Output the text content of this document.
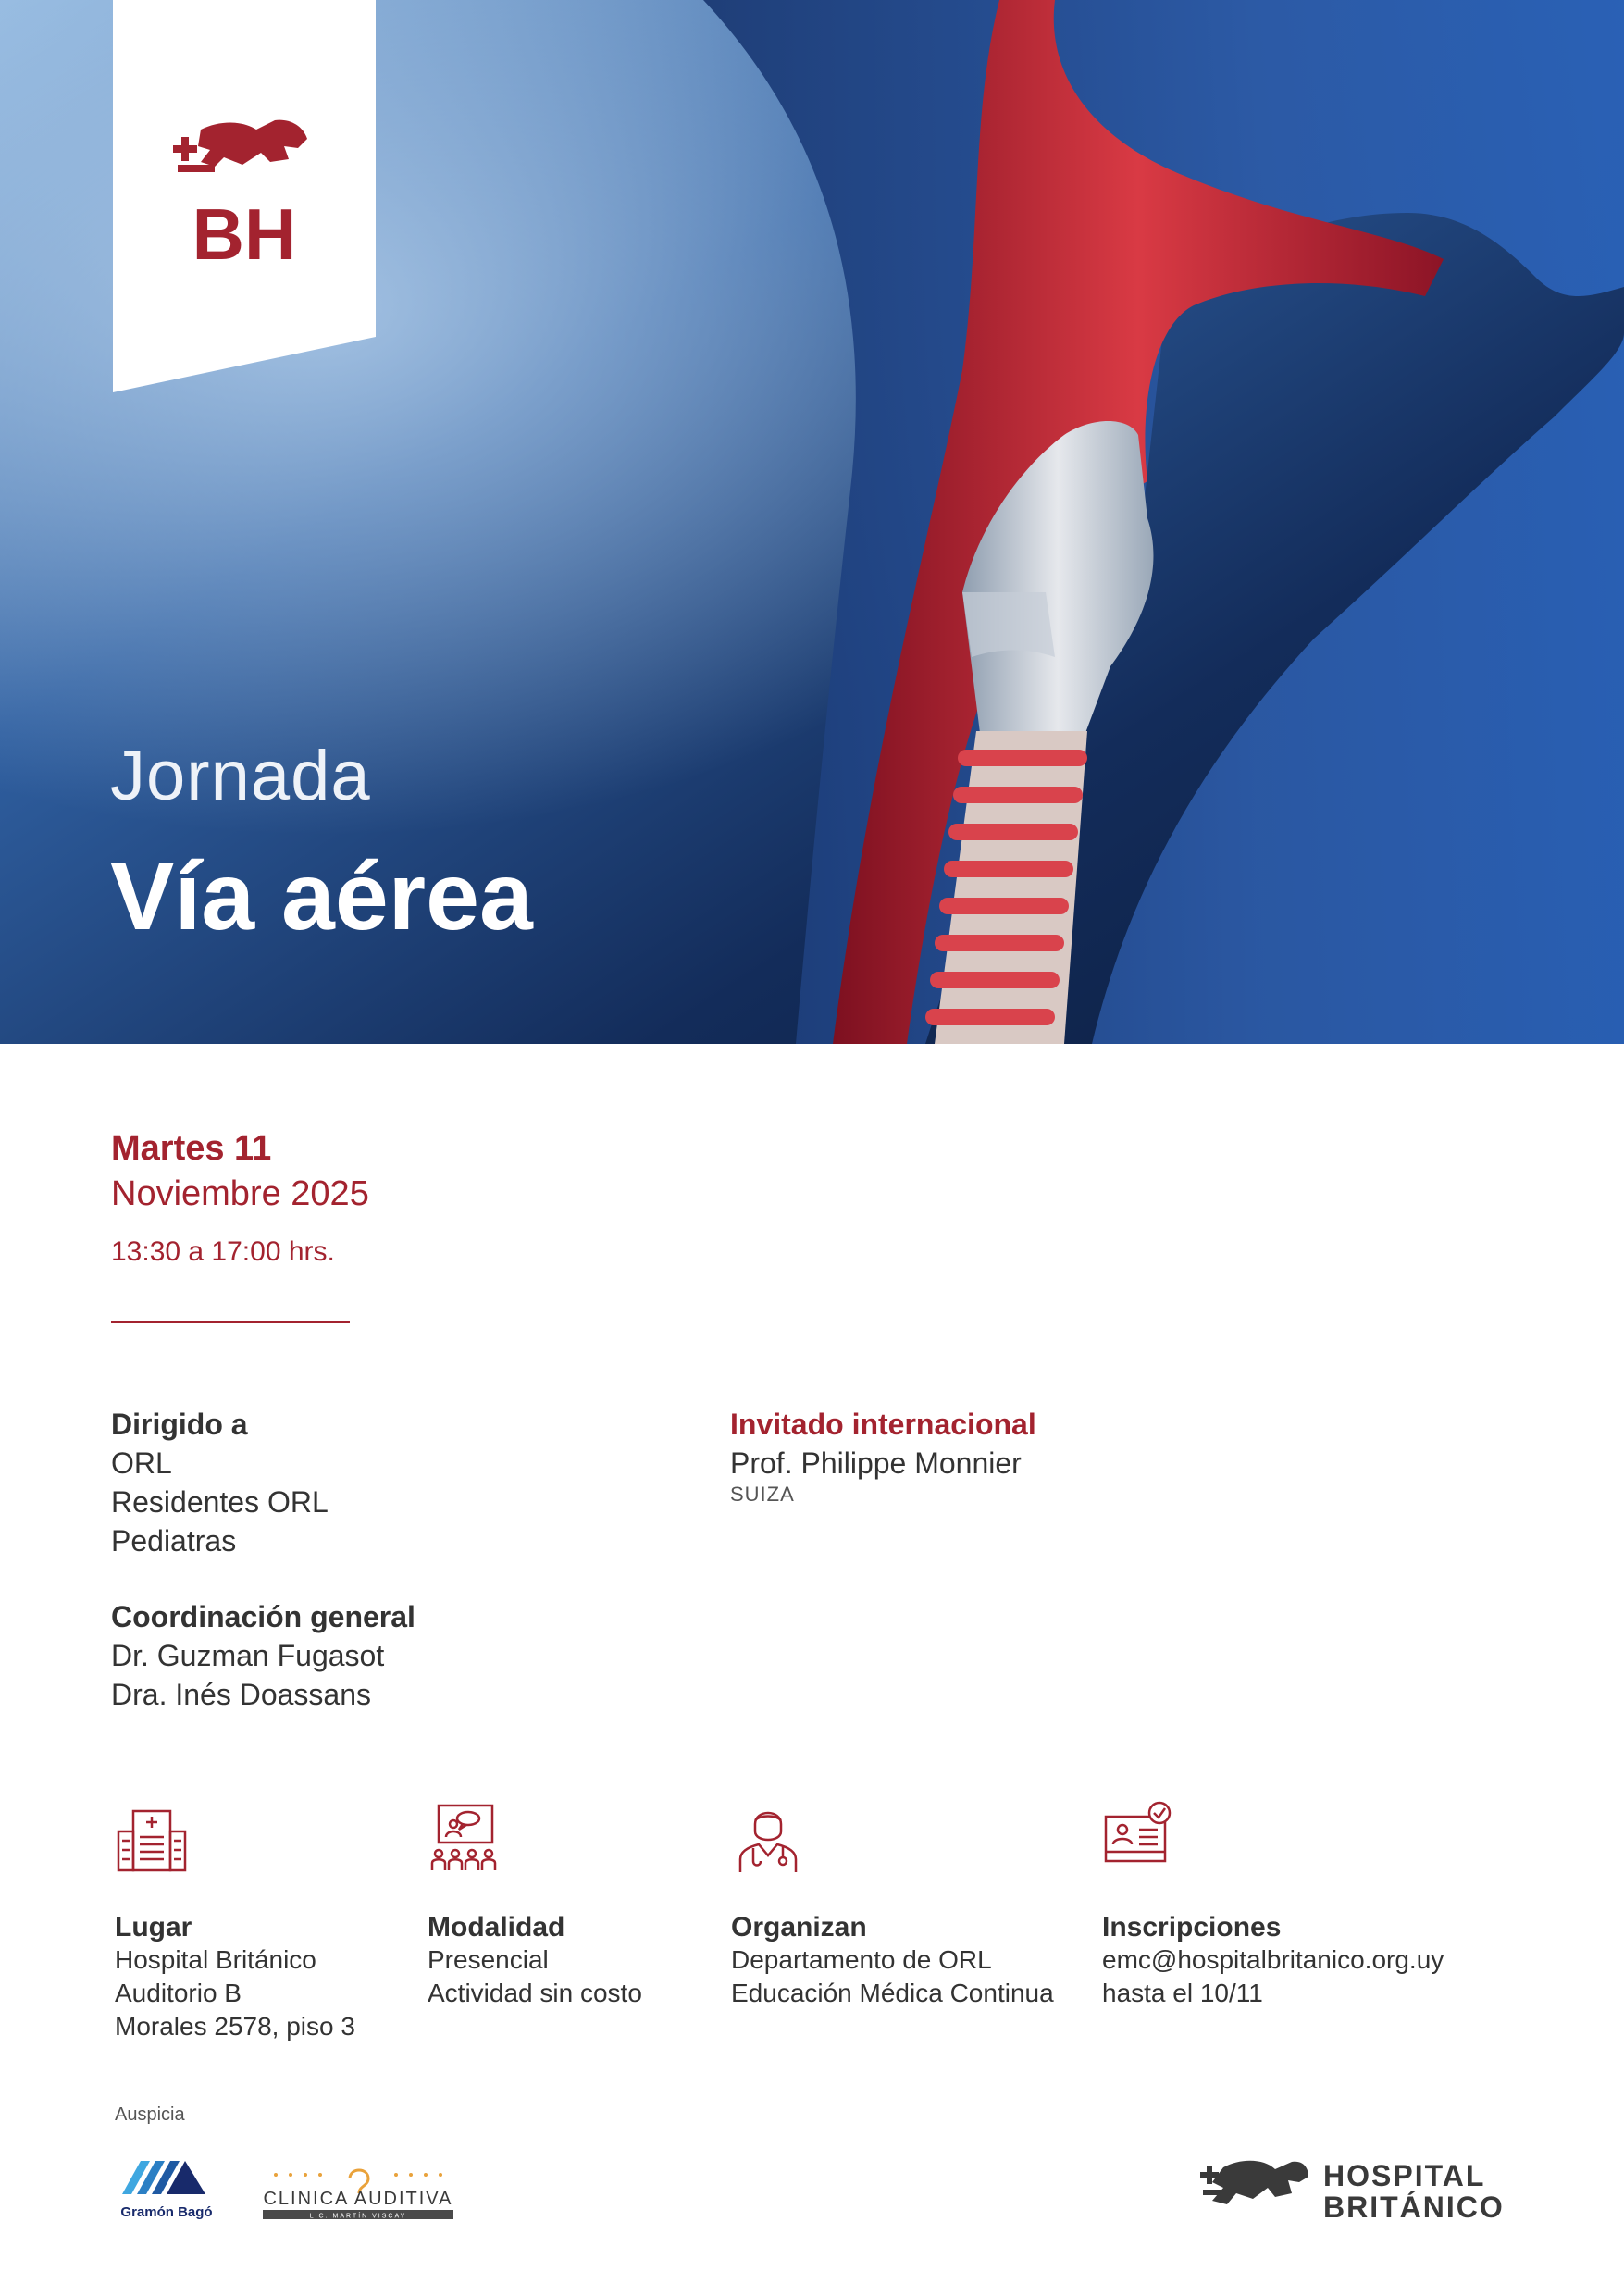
BH
Jornada
Vía aérea
Martes 11
Noviembre 2025
13:30 a 17:00 hrs.
Dirigido a
ORL
Residentes ORL
Pediatras
Coordinación general
Dr. Guzman Fugasot
Dra. Inés Doassans
Invitado internacional
Prof. Philippe Monnier
SUIZA
Lugar
Hospital Británico
Auditorio B
Morales 2578, piso 3
Modalidad
Presencial
Actividad sin costo
Organizan
Departamento de ORL
Educación Médica Continua
Inscripciones
emc@hospitalbritanico.org.uy
hasta el 10/11
Auspicia
Gramón Bagó
CLINICA AUDITIVA
LIC. MARTÍN VISCAY
HOSPITAL
BRITÁNICO
